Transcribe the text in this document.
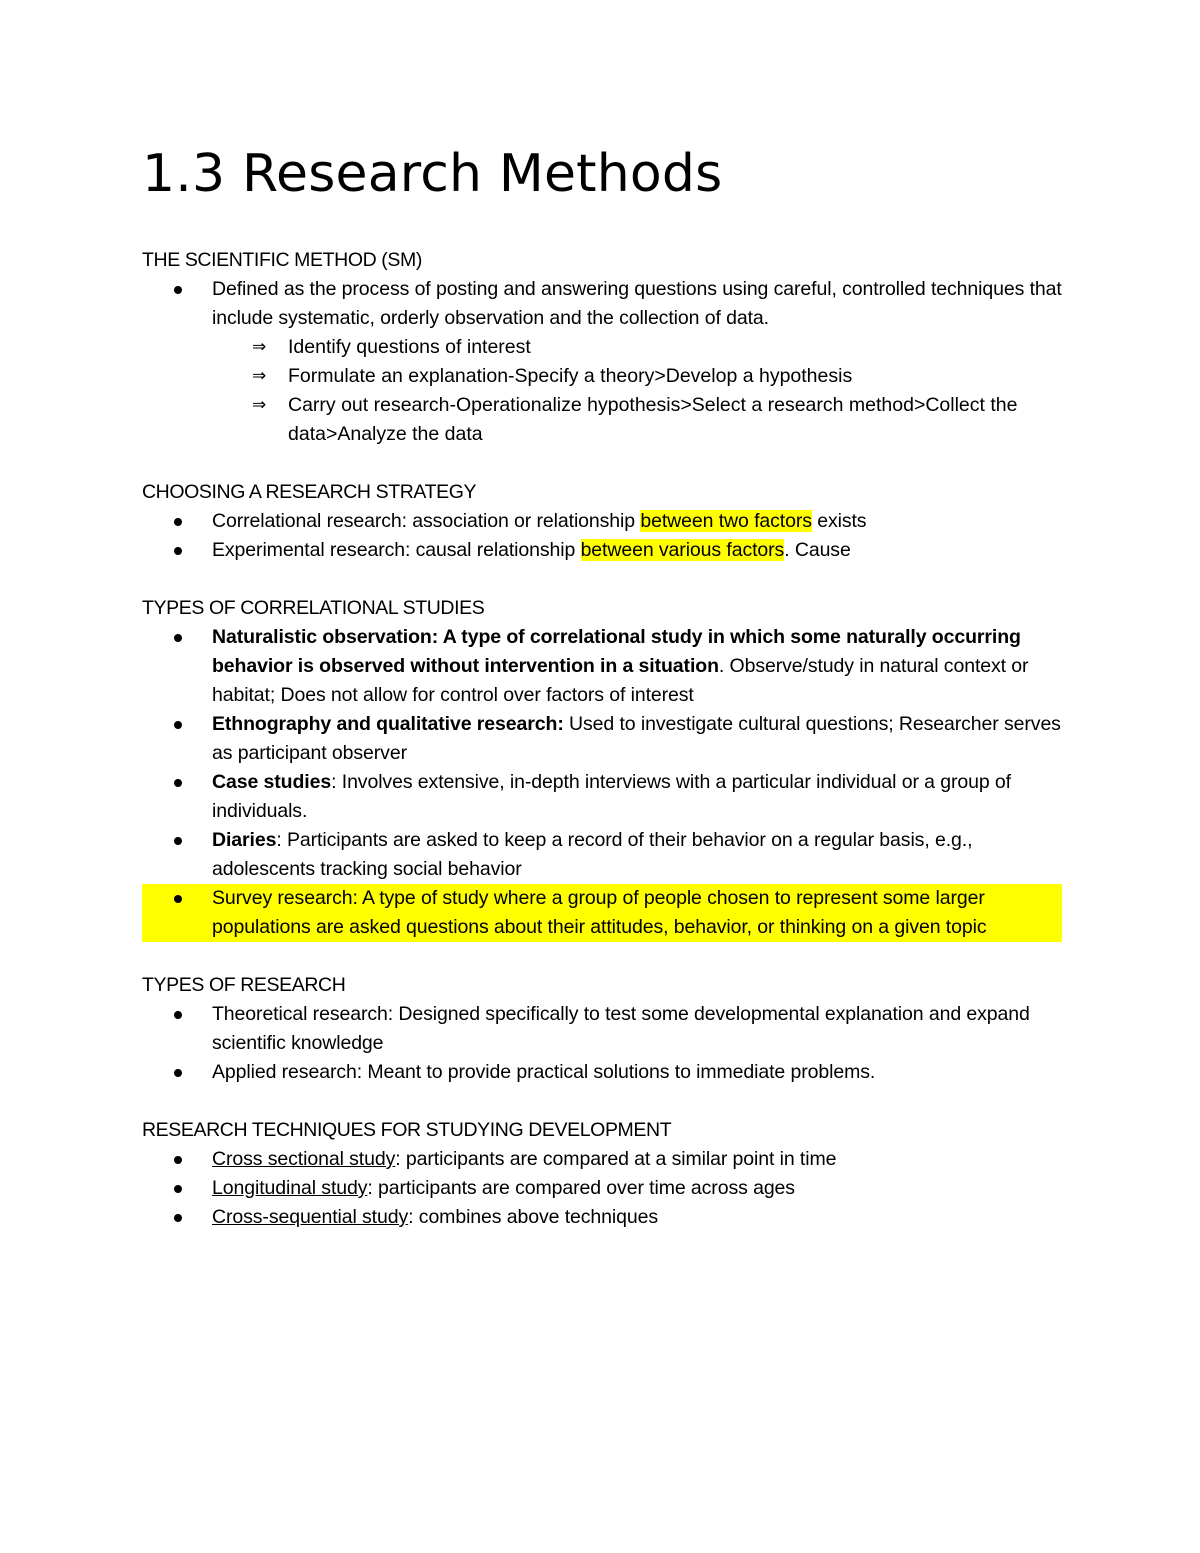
1.3 Research Methods
THE SCIENTIFIC METHOD (SM)
Defined as the process of posting and answering questions using careful, controlled techniques that include systematic, orderly observation and the collection of data.
⇒ Identify questions of interest
⇒ Formulate an explanation-Specify a theory>Develop a hypothesis
⇒ Carry out research-Operationalize hypothesis>Select a research method>Collect the data>Analyze the data
CHOOSING A RESEARCH STRATEGY
Correlational research: association or relationship between two factors exists
Experimental research: causal relationship between various factors. Cause
TYPES OF CORRELATIONAL STUDIES
Naturalistic observation: A type of correlational study in which some naturally occurring behavior is observed without intervention in a situation. Observe/study in natural context or habitat; Does not allow for control over factors of interest
Ethnography and qualitative research: Used to investigate cultural questions; Researcher serves as participant observer
Case studies: Involves extensive, in-depth interviews with a particular individual or a group of individuals.
Diaries: Participants are asked to keep a record of their behavior on a regular basis, e.g., adolescents tracking social behavior
Survey research: A type of study where a group of people chosen to represent some larger populations are asked questions about their attitudes, behavior, or thinking on a given topic
TYPES OF RESEARCH
Theoretical research: Designed specifically to test some developmental explanation and expand scientific knowledge
Applied research: Meant to provide practical solutions to immediate problems.
RESEARCH TECHNIQUES FOR STUDYING DEVELOPMENT
Cross sectional study: participants are compared at a similar point in time
Longitudinal study: participants are compared over time across ages
Cross-sequential study: combines above techniques
